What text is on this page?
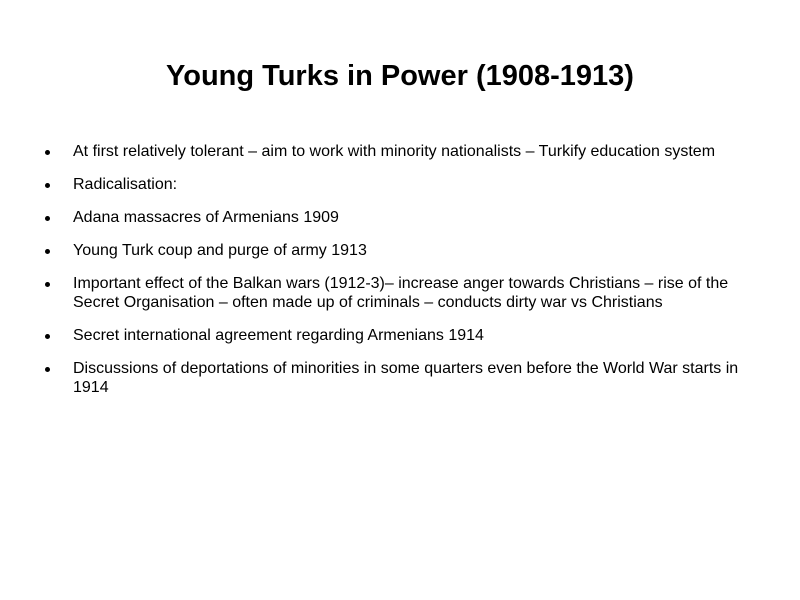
Young Turks in Power (1908-1913)
At first relatively tolerant – aim to work with minority nationalists – Turkify education system
Radicalisation:
Adana massacres of Armenians 1909
Young Turk coup and purge of army 1913
Important effect of the Balkan wars (1912-3)– increase anger towards Christians – rise of the Secret Organisation – often made up of criminals – conducts dirty war vs Christians
Secret international agreement regarding Armenians 1914
Discussions of deportations of minorities in some quarters even before the World War starts in 1914
